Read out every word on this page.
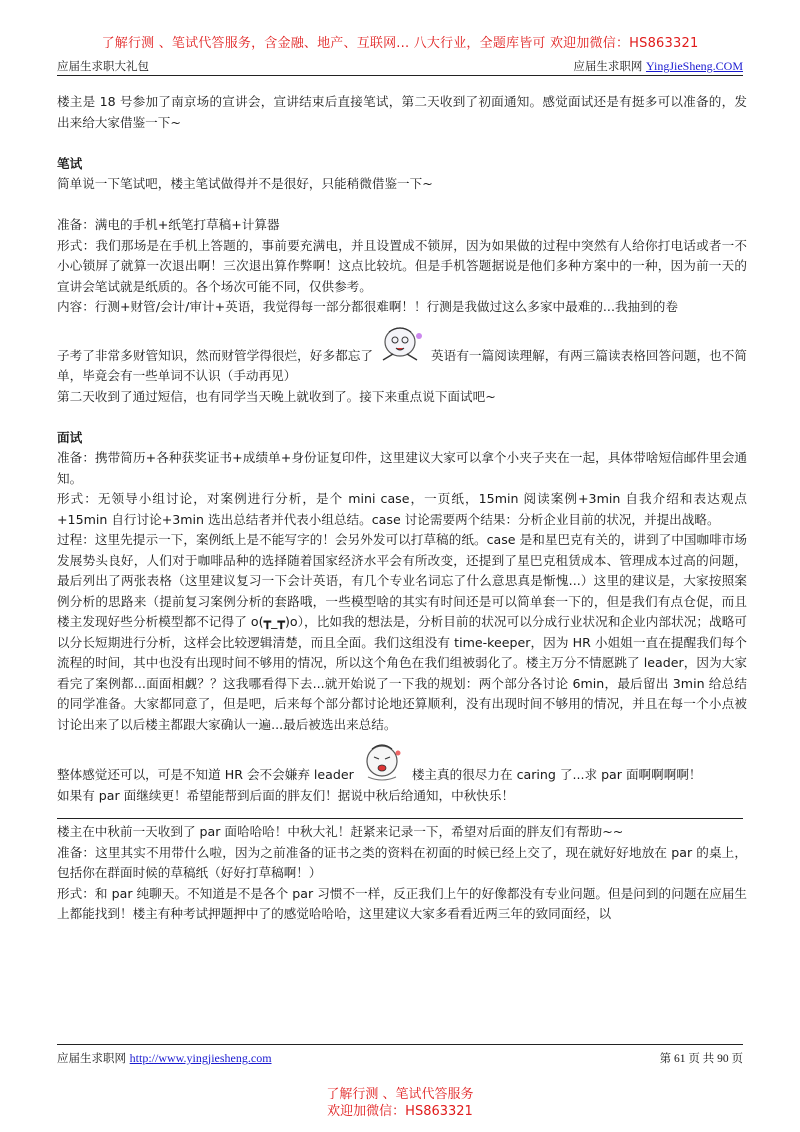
了解行测 、笔试代答服务，含金融、地产、互联网... 八大行业，全题库皆可 欢迎加微信：HS863321
应届生求职大礼包	应届生求职网 YingJieSheng.COM

楼主是 18 号参加了南京场的宣讲会，宣讲结束后直接笔试，第二天收到了初面通知。感觉面试还是有挺多可以准备的，发出来给大家借鉴一下~

笔试

简单说一下笔试吧，楼主笔试做得并不是很好，只能稍微借鉴一下~

准备：满电的手机+纸笔打草稿+计算器

形式：我们那场是在手机上答题的，事前要充满电，并且设置成不锁屏，因为如果做的过程中突然有人给你打电话或者一不小心锁屏了就算一次退出啊！三次退出算作弊啊！这点比较坑。但是手机答题据说是他们多种方案中的一种，因为前一天的宣讲会笔试就是纸质的。各个场次可能不同，仅供参考。

内容：行测+财管/会计/审计+英语，我觉得每一部分都很难啊！！行测是我做过这么多家中最难的...我抽到的卷

子考了非常多财管知识，然而财管学得很烂，好多都忘了	英语有一篇阅读理解，有两三篇读表格回答问题，也不简单，毕竟会有一些单词不认识（手动再见）

第二天收到了通过短信，也有同学当天晚上就收到了。接下来重点说下面试吧~

面试

准备：携带简历+各种获奖证书+成绩单+身份证复印件，这里建议大家可以拿个小夹子夹在一起，具体带啥短信邮件里会通知。

形式：无领导小组讨论，对案例进行分析，是个 mini case，一页纸，15min 阅读案例+3min 自我介绍和表达观点+15min 自行讨论+3min 选出总结者并代表小组总结。case 讨论需要两个结果：分析企业目前的状况，并提出战略。

过程：这里先提示一下，案例纸上是不能写字的！会另外发可以打草稿的纸。case 是和星巴克有关的，讲到了中国咖啡市场发展势头良好，人们对于咖啡品种的选择随着国家经济水平会有所改变，还提到了星巴克租赁成本、管理成本过高的问题，最后列出了两张表格（这里建议复习一下会计英语，有几个专业名词忘了什么意思真是惭愧...）这里的建议是，大家按照案例分析的思路来（提前复习案例分析的套路哦，一些模型啥的其实有时间还是可以简单套一下的，但是我们有点仓促，而且楼主发现好些分析模型都不记得了 o(┳_┳)o），比如我的想法是，分析目前的状况可以分成行业状况和企业内部状况；战略可以分长短期进行分析，这样会比较逻辑清楚，而且全面。我们这组没有 time-keeper，因为 HR 小姐姐一直在提醒我们每个流程的时间，其中也没有出现时间不够用的情况，所以这个角色在我们组被弱化了。楼主万分不情愿跳了 leader，因为大家看完了案例都...面面相觑？？这我哪看得下去...就开始说了一下我的规划：两个部分各讨论 6min，最后留出 3min 给总结的同学准备。大家都同意了，但是吧，后来每个部分都讨论地还算顺利，没有出现时间不够用的情况，并且在每一个小点被讨论出来了以后楼主都跟大家确认一遍...最后被选出来总结。

整体感觉还可以，可是不知道 HR 会不会嫌弃 leader	楼主真的很尽力在 caring 了...求 par 面啊啊啊啊！

如果有 par 面继续更！希望能帮到后面的胖友们！据说中秋后给通知，中秋快乐！

楼主在中秋前一天收到了 par 面哈哈哈！中秋大礼！赶紧来记录一下，希望对后面的胖友们有帮助~~

准备：这里其实不用带什么啦，因为之前准备的证书之类的资料在初面的时候已经上交了，现在就好好地放在 par 的桌上，包括你在群面时候的草稿纸（好好打草稿啊！）

形式：和 par 纯聊天。不知道是不是各个 par 习惯不一样，反正我们上午的好像都没有专业问题。但是问到的问题在应届生上都能找到！楼主有种考试押题押中了的感觉哈哈哈，这里建议大家多看看近两三年的致同面经，以

应届生求职网 http://www.yingjiesheng.com	第 61 页 共 90 页
了解行测 、笔试代答服务
欢迎加微信：HS863321
